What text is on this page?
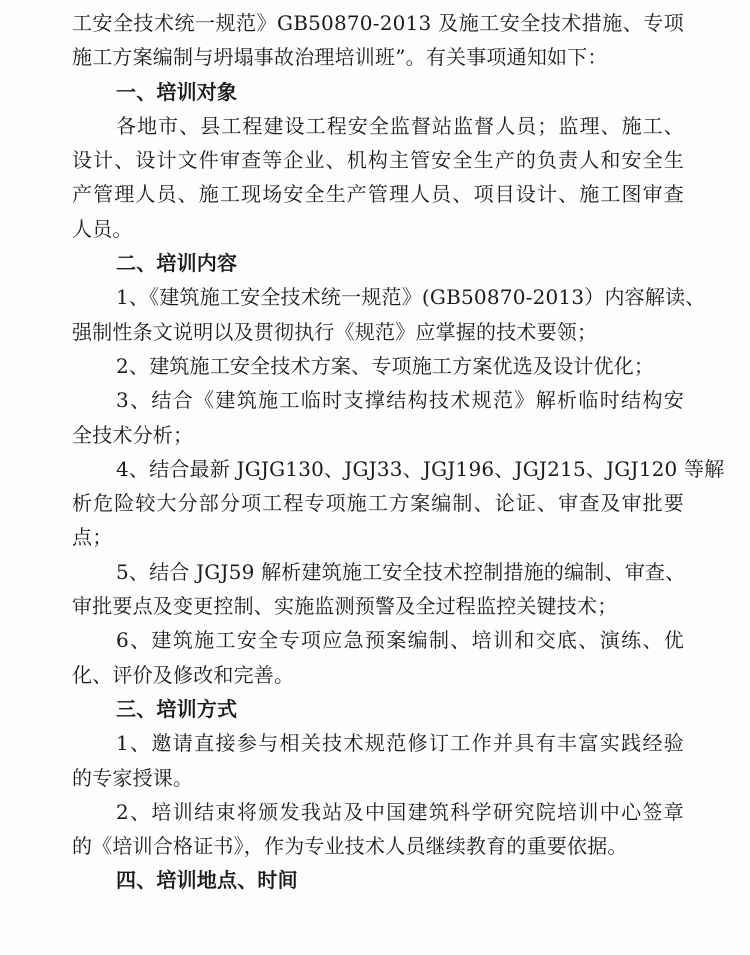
工安全技术统一规范》GB50870-2013 及施工安全技术措施、专项
施工方案编制与坍塌事故治理培训班”。有关事项通知如下：
一、培训对象
各地市、县工程建设工程安全监督站监督人员；监理、施工、
设计、设计文件审查等企业、机构主管安全生产的负责人和安全生
产管理人员、施工现场安全生产管理人员、项目设计、施工图审查
人员。
二、培训内容
1、《建筑施工安全技术统一规范》(GB50870-2013）内容解读、
强制性条文说明以及贯彻执行《规范》应掌握的技术要领；
2、建筑施工安全技术方案、专项施工方案优选及设计优化；
3、结合《建筑施工临时支撑结构技术规范》解析临时结构安
全技术分析；
4、结合最新 JGJG130、JGJ33、JGJ196、JGJ215、JGJ120 等解
析危险较大分部分项工程专项施工方案编制、论证、审查及审批要
点；
5、结合 JGJ59 解析建筑施工安全技术控制措施的编制、审查、
审批要点及变更控制、实施监测预警及全过程监控关键技术；
6、建筑施工安全专项应急预案编制、培训和交底、演练、优
化、评价及修改和完善。
三、培训方式
1、邀请直接参与相关技术规范修订工作并具有丰富实践经验
的专家授课。
2、培训结束将颁发我站及中国建筑科学研究院培训中心签章
的《培训合格证书》，作为专业技术人员继续教育的重要依据。
四、培训地点、时间
